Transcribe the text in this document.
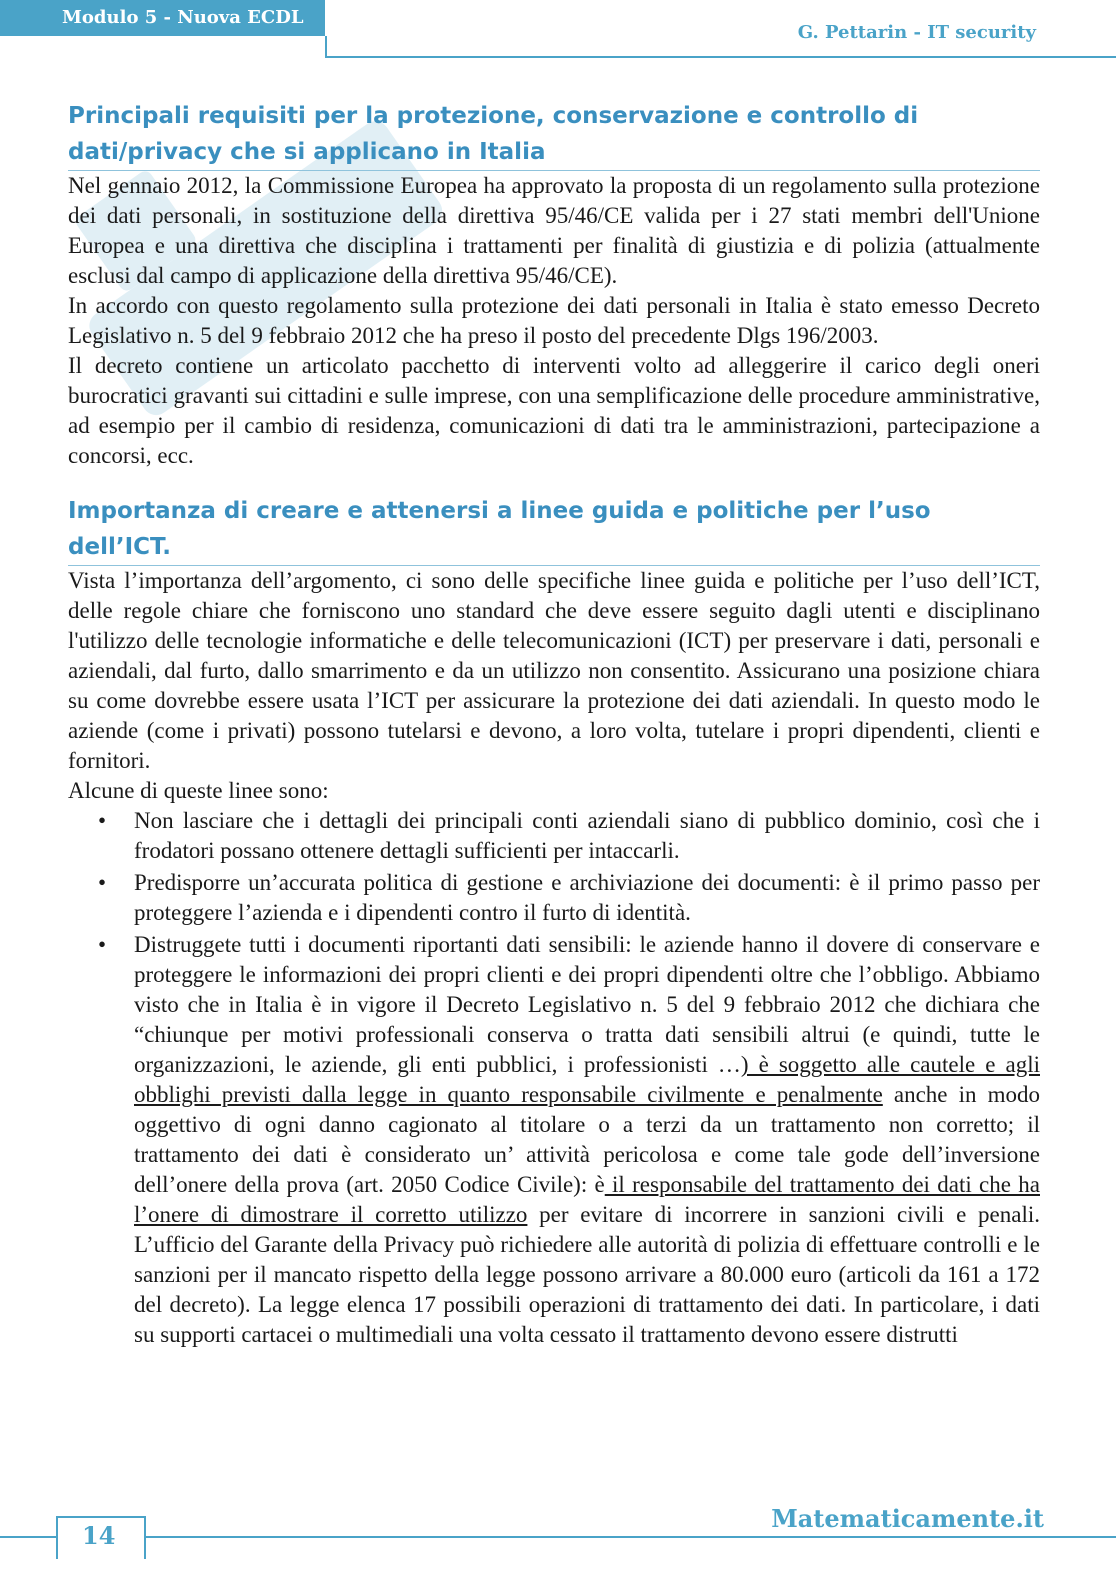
Modulo 5 - Nuova ECDL
G. Pettarin - IT security
Principali requisiti per la protezione, conservazione e controllo di dati/privacy che si applicano in Italia

Nel gennaio 2012, la Commissione Europea ha approvato la proposta di un regolamento sulla protezione dei dati personali, in sostituzione della direttiva 95/46/CE valida per i 27 stati membri dell'Unione Europea e una direttiva che disciplina i trattamenti per finalità di giustizia e di polizia (attualmente esclusi dal campo di applicazione della direttiva 95/46/CE).

In accordo con questo regolamento sulla protezione dei dati personali in Italia è stato emesso Decreto Legislativo n. 5 del 9 febbraio 2012 che ha preso il posto del precedente Dlgs 196/2003.

Il decreto contiene un articolato pacchetto di interventi volto ad alleggerire il carico degli oneri burocratici gravanti sui cittadini e sulle imprese, con una semplificazione delle procedure amministrative, ad esempio per il cambio di residenza, comunicazioni di dati tra le amministrazioni, partecipazione a concorsi, ecc.

Importanza di creare e attenersi a linee guida e politiche per l’uso dell’ICT.

Vista l’importanza dell’argomento, ci sono delle specifiche linee guida e politiche per l’uso dell’ICT, delle regole chiare che forniscono uno standard che deve essere seguito dagli utenti e disciplinano l'utilizzo delle tecnologie informatiche e delle telecomunicazioni (ICT) per preservare i dati, personali e aziendali, dal furto, dallo smarrimento e da un utilizzo non consentito. Assicurano una posizione chiara su come dovrebbe essere usata l’ICT per assicurare la protezione dei dati aziendali. In questo modo le aziende (come i privati) possono tutelarsi e devono, a loro volta, tutelare i propri dipendenti, clienti e fornitori.

Alcune di queste linee sono:

• Non lasciare che i dettagli dei principali conti aziendali siano di pubblico dominio, così che i frodatori possano ottenere dettagli sufficienti per intaccarli.
• Predisporre un’accurata politica di gestione e archiviazione dei documenti: è il primo passo per proteggere l’azienda e i dipendenti contro il furto di identità.
• Distruggete tutti i documenti riportanti dati sensibili: le aziende hanno il dovere di conservare e proteggere le informazioni dei propri clienti e dei propri dipendenti oltre che l’obbligo. Abbiamo visto che in Italia è in vigore il Decreto Legislativo n. 5 del 9 febbraio 2012 che dichiara che “chiunque per motivi professionali conserva o tratta dati sensibili altrui (e quindi, tutte le organizzazioni, le aziende, gli enti pubblici, i professionisti …) è soggetto alle cautele e agli obblighi previsti dalla legge in quanto responsabile civilmente e penalmente anche in modo oggettivo di ogni danno cagionato al titolare o a terzi da un trattamento non corretto; il trattamento dei dati è considerato un’ attività pericolosa e come tale gode dell’inversione dell’onere della prova (art. 2050 Codice Civile): è il responsabile del trattamento dei dati che ha l’onere di dimostrare il corretto utilizzo per evitare di incorrere in sanzioni civili e penali. L’ufficio del Garante della Privacy può richiedere alle autorità di polizia di effettuare controlli e le sanzioni per il mancato rispetto della legge possono arrivare a 80.000 euro (articoli da 161 a 172 del decreto). La legge elenca 17 possibili operazioni di trattamento dei dati. In particolare, i dati su supporti cartacei o multimediali una volta cessato il trattamento devono essere distrutti
14
Matematicamente.it
